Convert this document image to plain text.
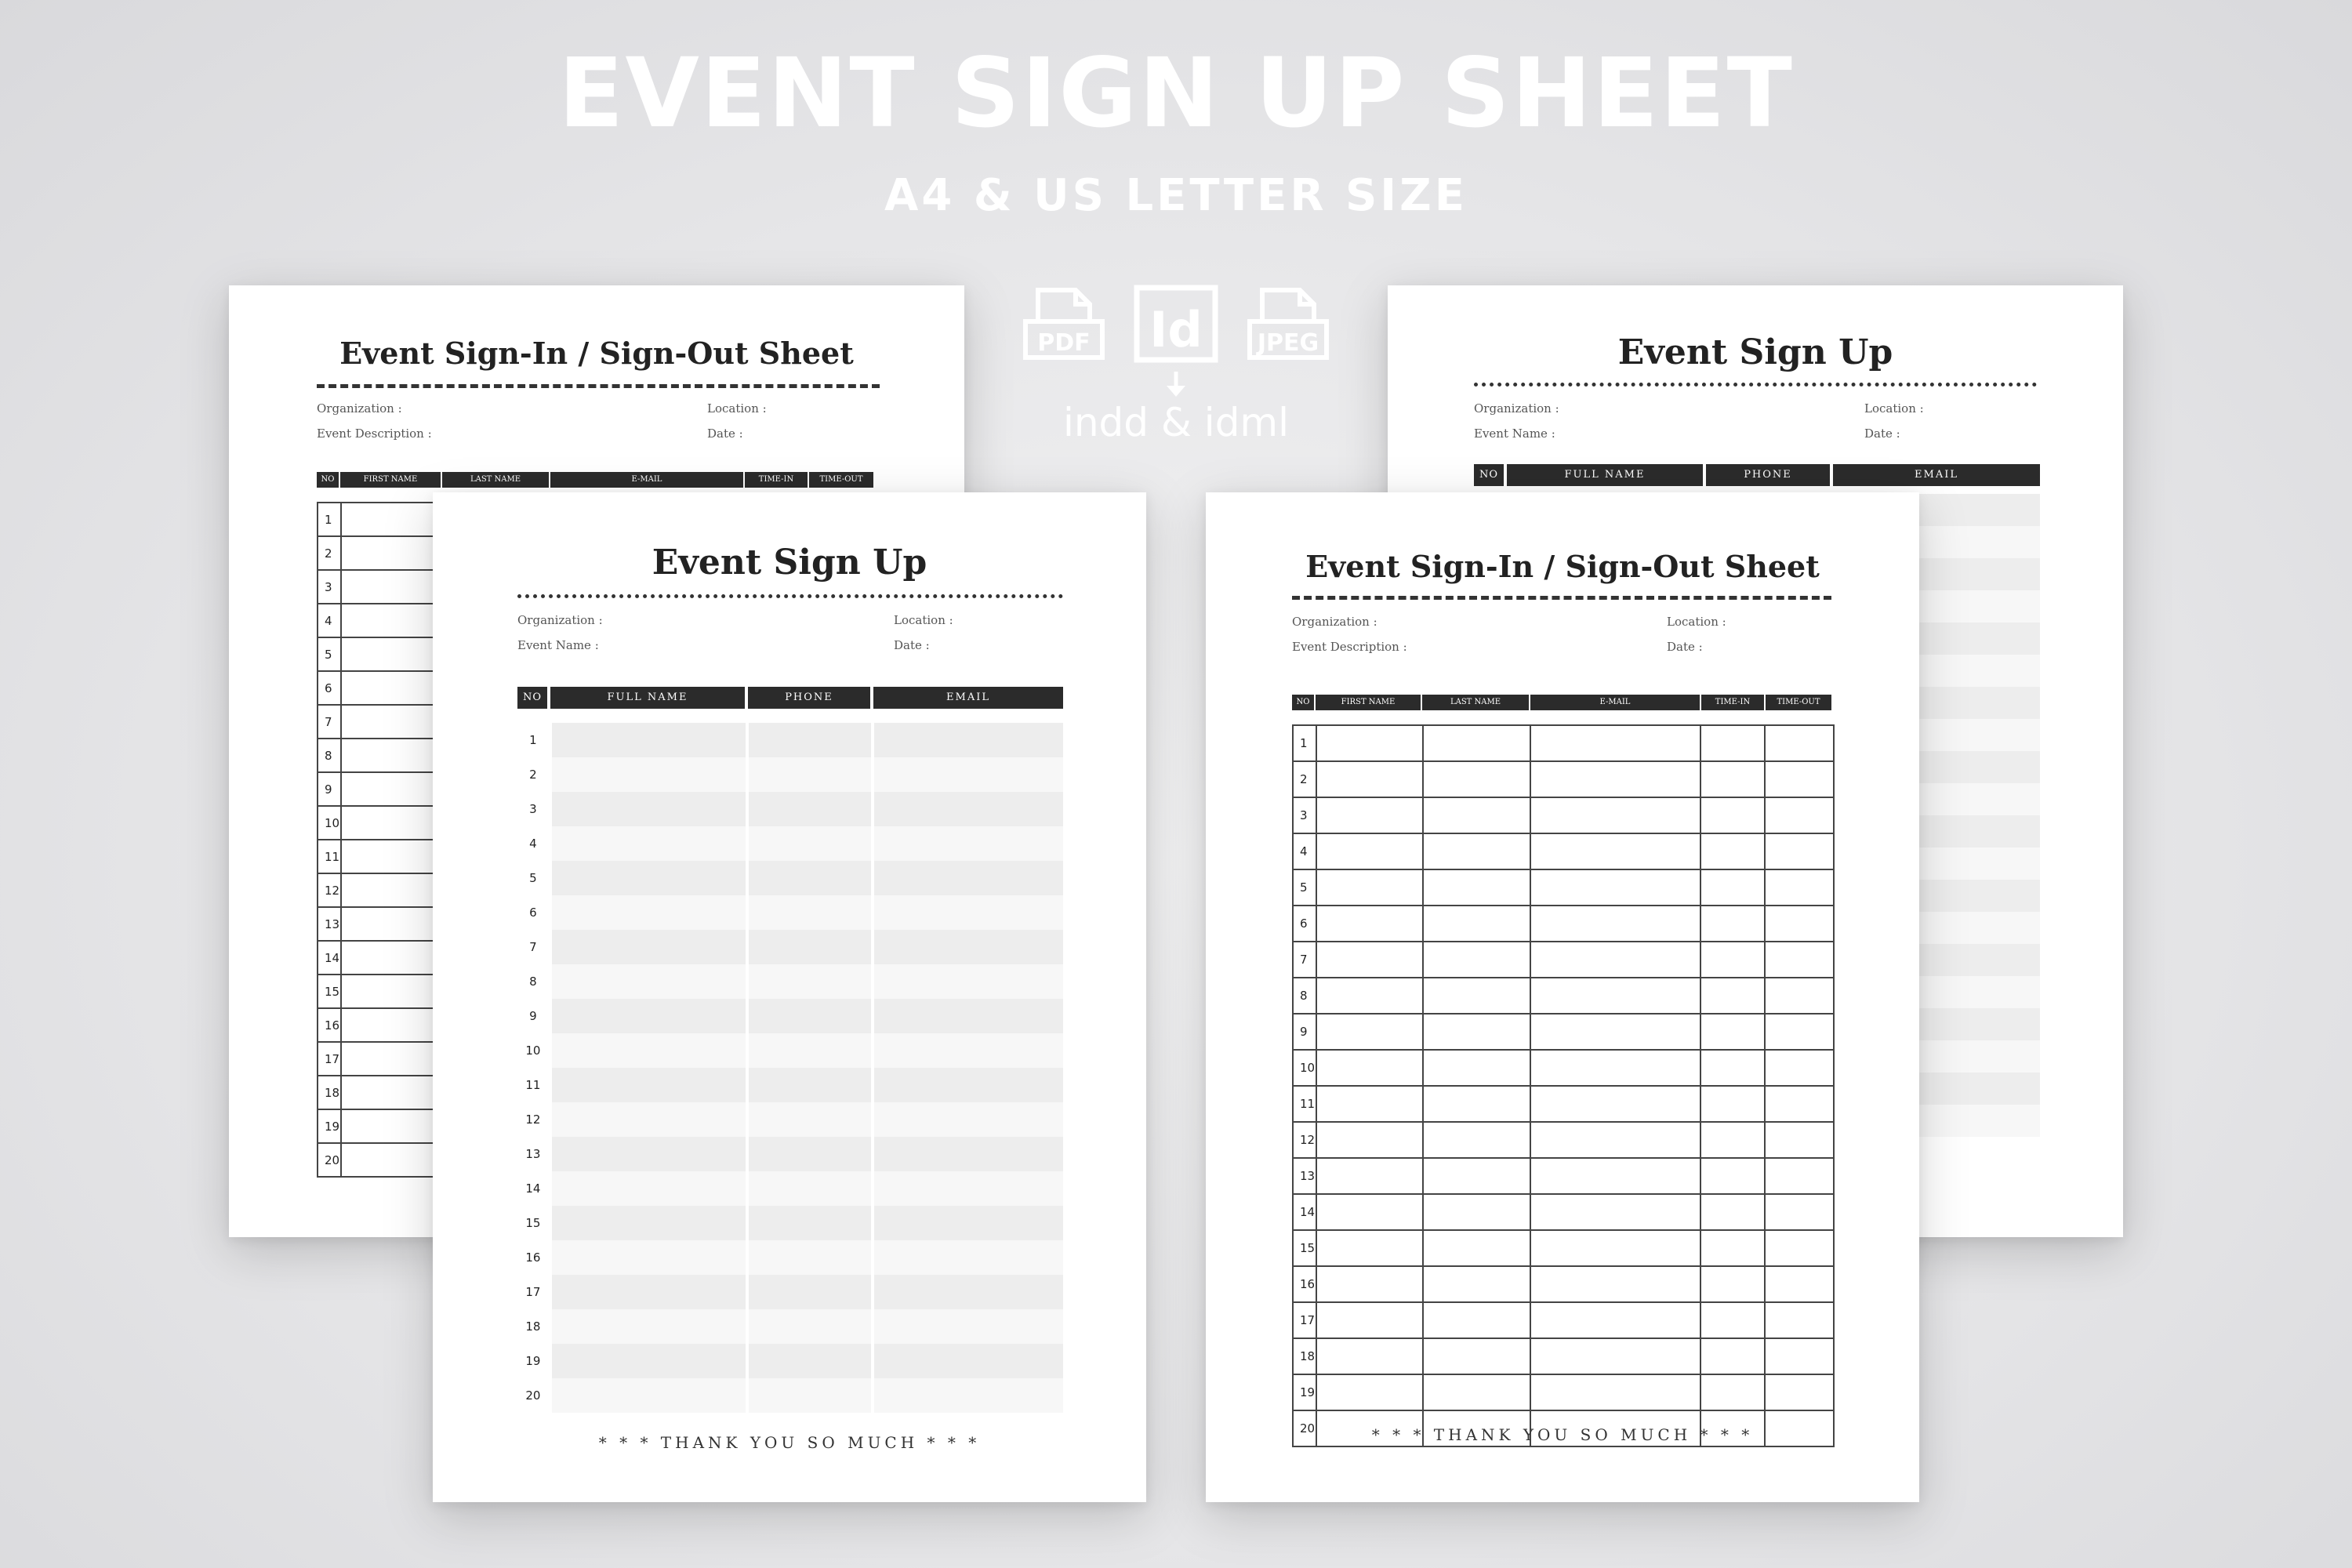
EVENT SIGN UP SHEET
A4 & US LETTER SIZE
PDF	Id	JPEG
indd & idml
Event Sign-In / Sign-Out Sheet
Organization :
Event Description :
Location :
Date :
NO	FIRST NAME	LAST NAME	E-MAIL	TIME-IN	TIME-OUT
1					
2					
3					
4					
5					
6					
7					
8					
9					
10					
11					
12					
13					
14					
15					
16					
17					
18					
19					
20					
Event Sign Up
Organization :
Event Name :
Location :
Date :
NO	FULL NAME	PHONE	EMAIL

Event Sign Up
Organization :
Event Name :
Location :
Date :
NO	FULL NAME	PHONE	EMAIL
1			
2			
3			
4			
5			
6			
7			
8			
9			
10			
11			
12			
13			
14			
15			
16			
17			
18			
19			
20			
* * * THANK YOU SO MUCH * * *
Event Sign-In / Sign-Out Sheet
Organization :
Event Description :
Location :
Date :
NO	FIRST NAME	LAST NAME	E-MAIL	TIME-IN	TIME-OUT
1					
2					
3					
4					
5					
6					
7					
8					
9					
10					
11					
12					
13					
14					
15					
16					
17					
18					
19					
20						* * * THANK YOU SO MUCH * * *
